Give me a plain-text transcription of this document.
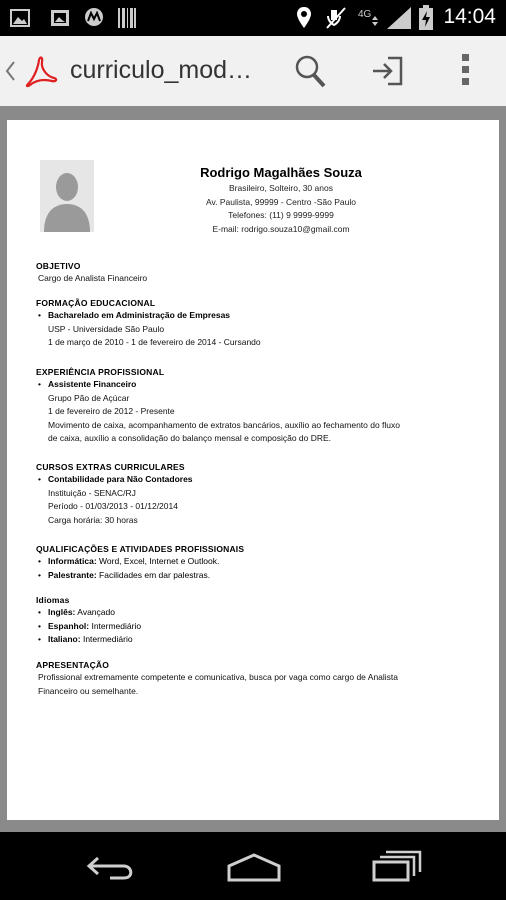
4G	14:04
curriculo_mod…
Rodrigo Magalhães Souza
Brasileiro, Solteiro, 30 anos
Av. Paulista, 99999 - Centro -São Paulo
Telefones: (11) 9 9999-9999
E-mail: rodrigo.souza10@gmail.com
OBJETIVO
Cargo de Analista Financeiro
FORMAÇÃO EDUCACIONAL
• Bacharelado em Administração de Empresas
USP - Universidade São Paulo
1 de março de 2010 - 1 de fevereiro de 2014 - Cursando
EXPERIÊNCIA PROFISSIONAL
• Assistente Financeiro
Grupo Pão de Açúcar
1 de fevereiro de 2012 - Presente
Movimento de caixa, acompanhamento de extratos bancários, auxílio ao fechamento do fluxo
de caixa, auxílio a consolidação do balanço mensal e composição do DRE.
CURSOS EXTRAS CURRICULARES
• Contabilidade para Não Contadores
Instituição - SENAC/RJ
Período - 01/03/2013 - 01/12/2014
Carga horária: 30 horas
QUALIFICAÇÕES E ATIVIDADES PROFISSIONAIS
• Informática: Word, Excel, Internet e Outlook.
• Palestrante: Facilidades em dar palestras.
Idiomas
• Inglês: Avançado
• Espanhol: Intermediário
• Italiano: Intermediário
APRESENTAÇÃO
Profissional extremamente competente e comunicativa, busca por vaga como cargo de Analista
Financeiro ou semelhante.
